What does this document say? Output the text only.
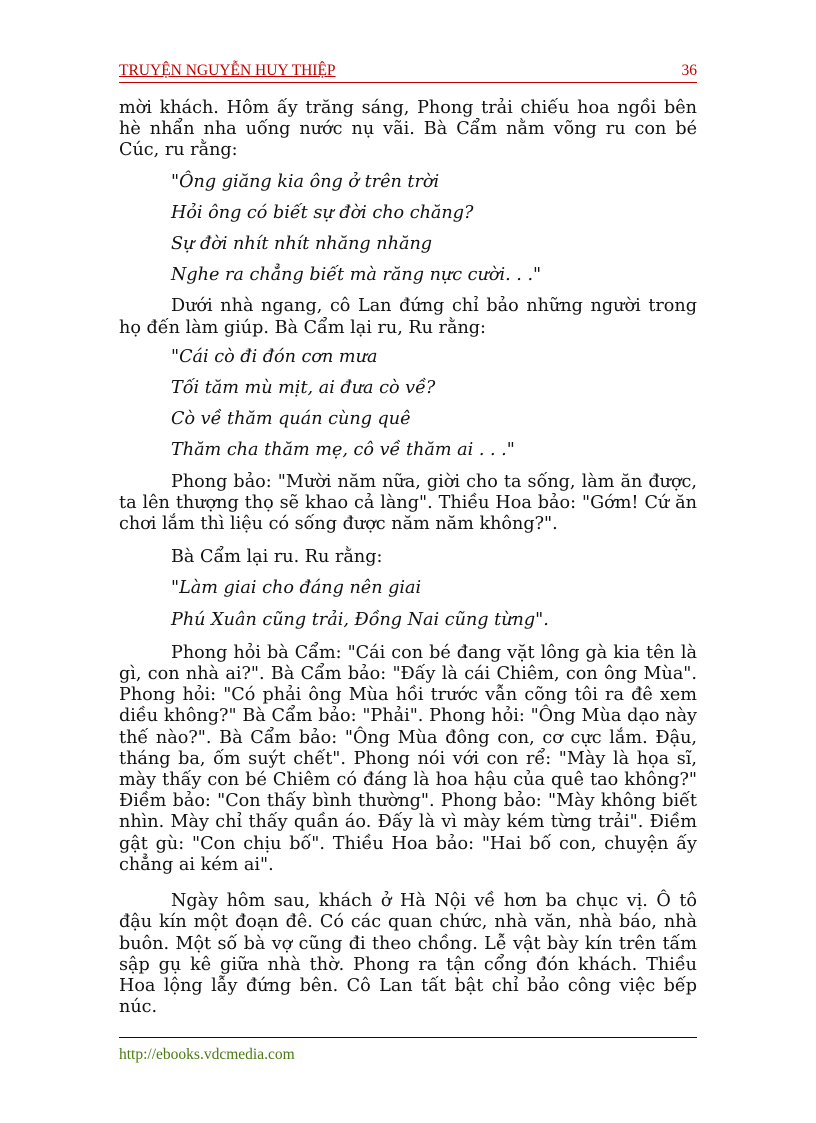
TRUYỆN NGUYỄN HUY THIỆP	36

mời khách. Hôm ấy trăng sáng, Phong trải chiếu hoa ngồi bên hè nhẩn nha uống nước nụ vãi. Bà Cẩm nằm võng ru con bé Cúc, ru rằng:

"Ông giăng kia ông ở trên trời

Hỏi ông có biết sự đời cho chăng?

Sự đời nhít nhít nhăng nhăng

Nghe ra chẳng biết mà răng nực cười. . ."

Dưới nhà ngang, cô Lan đứng chỉ bảo những người trong họ đến làm giúp. Bà Cẩm lại ru, Ru rằng:

"Cái cò đi đón cơn mưa

Tối tăm mù mịt, ai đưa cò về?

Cò về thăm quán cùng quê

Thăm cha thăm mẹ, cô về thăm ai . . ."

Phong bảo: "Mười năm nữa, giời cho ta sống, làm ăn được, ta lên thượng thọ sẽ khao cả làng". Thiều Hoa bảo: "Gớm! Cứ ăn chơi lắm thì liệu có sống được năm năm không?".

Bà Cẩm lại ru. Ru rằng:

"Làm giai cho đáng nên giai

Phú Xuân cũng trải, Đồng Nai cũng từng".

Phong hỏi bà Cẩm: "Cái con bé đang vặt lông gà kia tên là gì, con nhà ai?". Bà Cẩm bảo: "Đấy là cái Chiêm, con ông Mùa". Phong hỏi: "Có phải ông Mùa hồi trước vẫn cõng tôi ra đê xem diều không?" Bà Cẩm bảo: "Phải". Phong hỏi: "Ông Mùa dạo này thế nào?". Bà Cẩm bảo: "Ông Mùa đông con, cơ cực lắm. Đậu, tháng ba, ốm suýt chết". Phong nói với con rể: "Mày là họa sĩ, mày thấy con bé Chiêm có đáng là hoa hậu của quê tao không?" Điềm bảo: "Con thấy bình thường". Phong bảo: "Mày không biết nhìn. Mày chỉ thấy quần áo. Đấy là vì mày kém từng trải". Điềm gật gù: "Con chịu bố". Thiều Hoa bảo: "Hai bố con, chuyện ấy chẳng ai kém ai".

Ngày hôm sau, khách ở Hà Nội về hơn ba chục vị. Ô tô đậu kín một đoạn đê. Có các quan chức, nhà văn, nhà báo, nhà buôn. Một số bà vợ cũng đi theo chồng. Lễ vật bày kín trên tấm sập gụ kê giữa nhà thờ. Phong ra tận cổng đón khách. Thiều Hoa lộng lẫy đứng bên. Cô Lan tất bật chỉ bảo công việc bếp núc.

http://ebooks.vdcmedia.com
